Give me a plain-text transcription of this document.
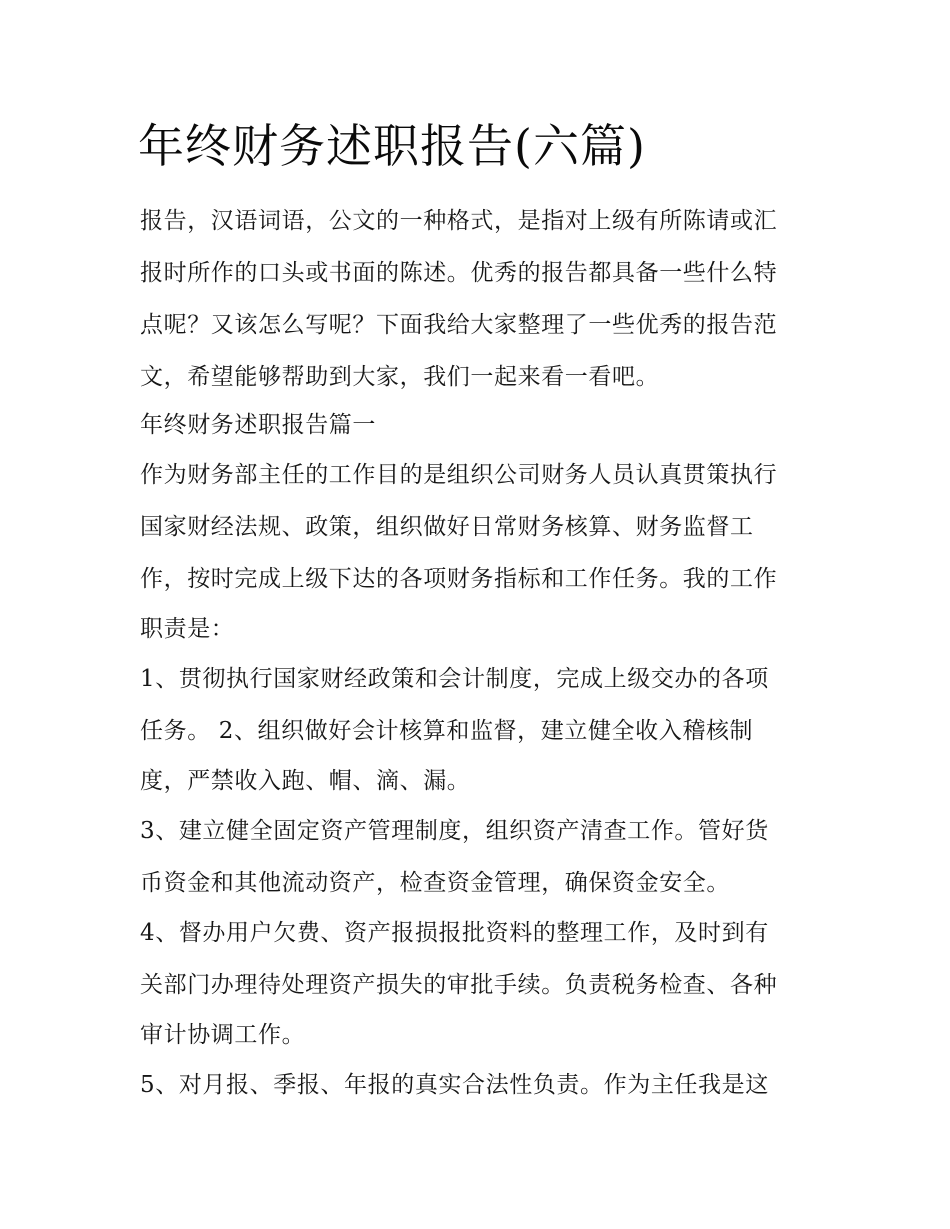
年终财务述职报告(六篇)

报告，汉语词语，公文的一种格式，是指对上级有所陈请或汇

报时所作的口头或书面的陈述。优秀的报告都具备一些什么特

点呢？又该怎么写呢？下面我给大家整理了一些优秀的报告范

文，希望能够帮助到大家，我们一起来看一看吧。

年终财务述职报告篇一

作为财务部主任的工作目的是组织公司财务人员认真贯策执行

国家财经法规、政策，组织做好日常财务核算、财务监督工

作，按时完成上级下达的各项财务指标和工作任务。我的工作

职责是：

1、贯彻执行国家财经政策和会计制度，完成上级交办的各项

任务。 2、组织做好会计核算和监督，建立健全收入稽核制

度，严禁收入跑、帽、滴、漏。

3、建立健全固定资产管理制度，组织资产清查工作。管好货

币资金和其他流动资产，检查资金管理，确保资金安全。

4、督办用户欠费、资产报损报批资料的整理工作，及时到有

关部门办理待处理资产损失的审批手续。负责税务检查、各种

审计协调工作。

5、对月报、季报、年报的真实合法性负责。作为主任我是这
